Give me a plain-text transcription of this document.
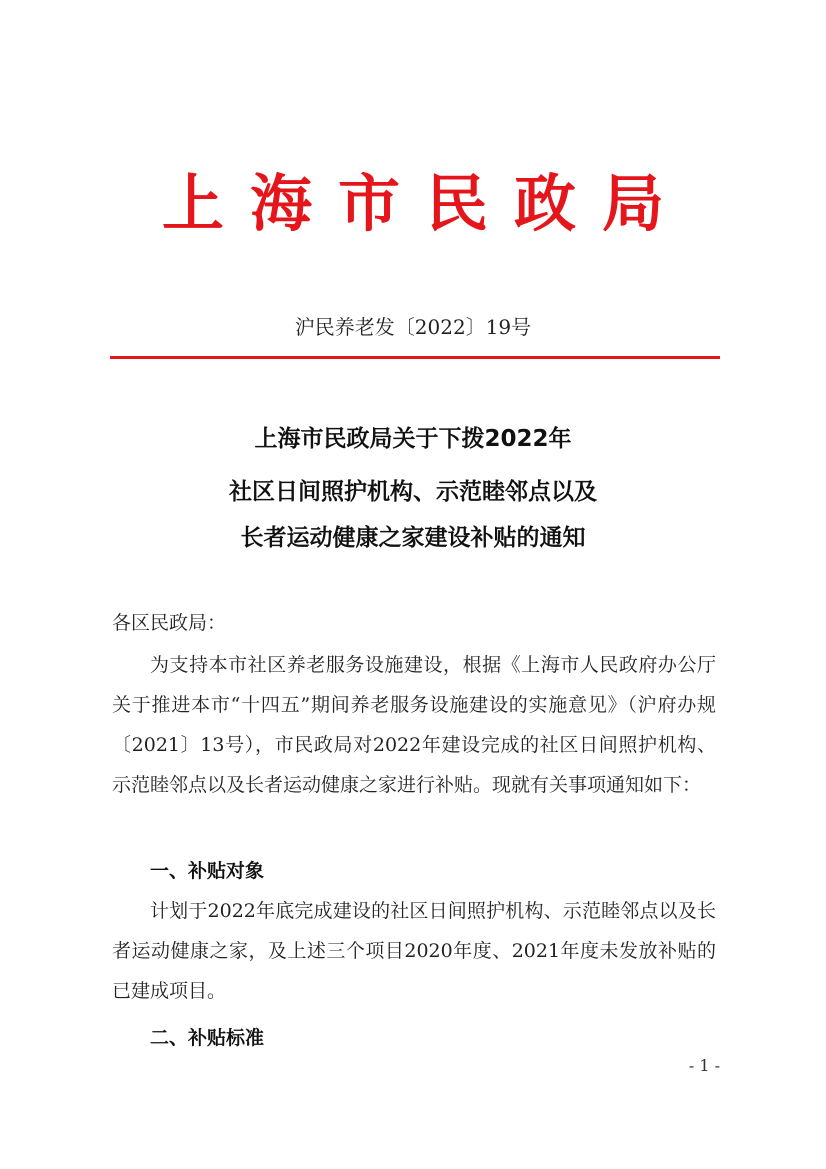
上海市民政局
沪民养老发〔2022〕19号
上海市民政局关于下拨2022年
社区日间照护机构、示范睦邻点以及
长者运动健康之家建设补贴的通知
各区民政局：
为支持本市社区养老服务设施建设，根据《上海市人民政府办公厅关于推进本市“十四五”期间养老服务设施建设的实施意见》（沪府办规〔2021〕13号），市民政局对2022年建设完成的社区日间照护机构、示范睦邻点以及长者运动健康之家进行补贴。现就有关事项通知如下：
一、补贴对象
计划于2022年底完成建设的社区日间照护机构、示范睦邻点以及长者运动健康之家，及上述三个项目2020年度、2021年度未发放补贴的已建成项目。
二、补贴标准
- 1 -
